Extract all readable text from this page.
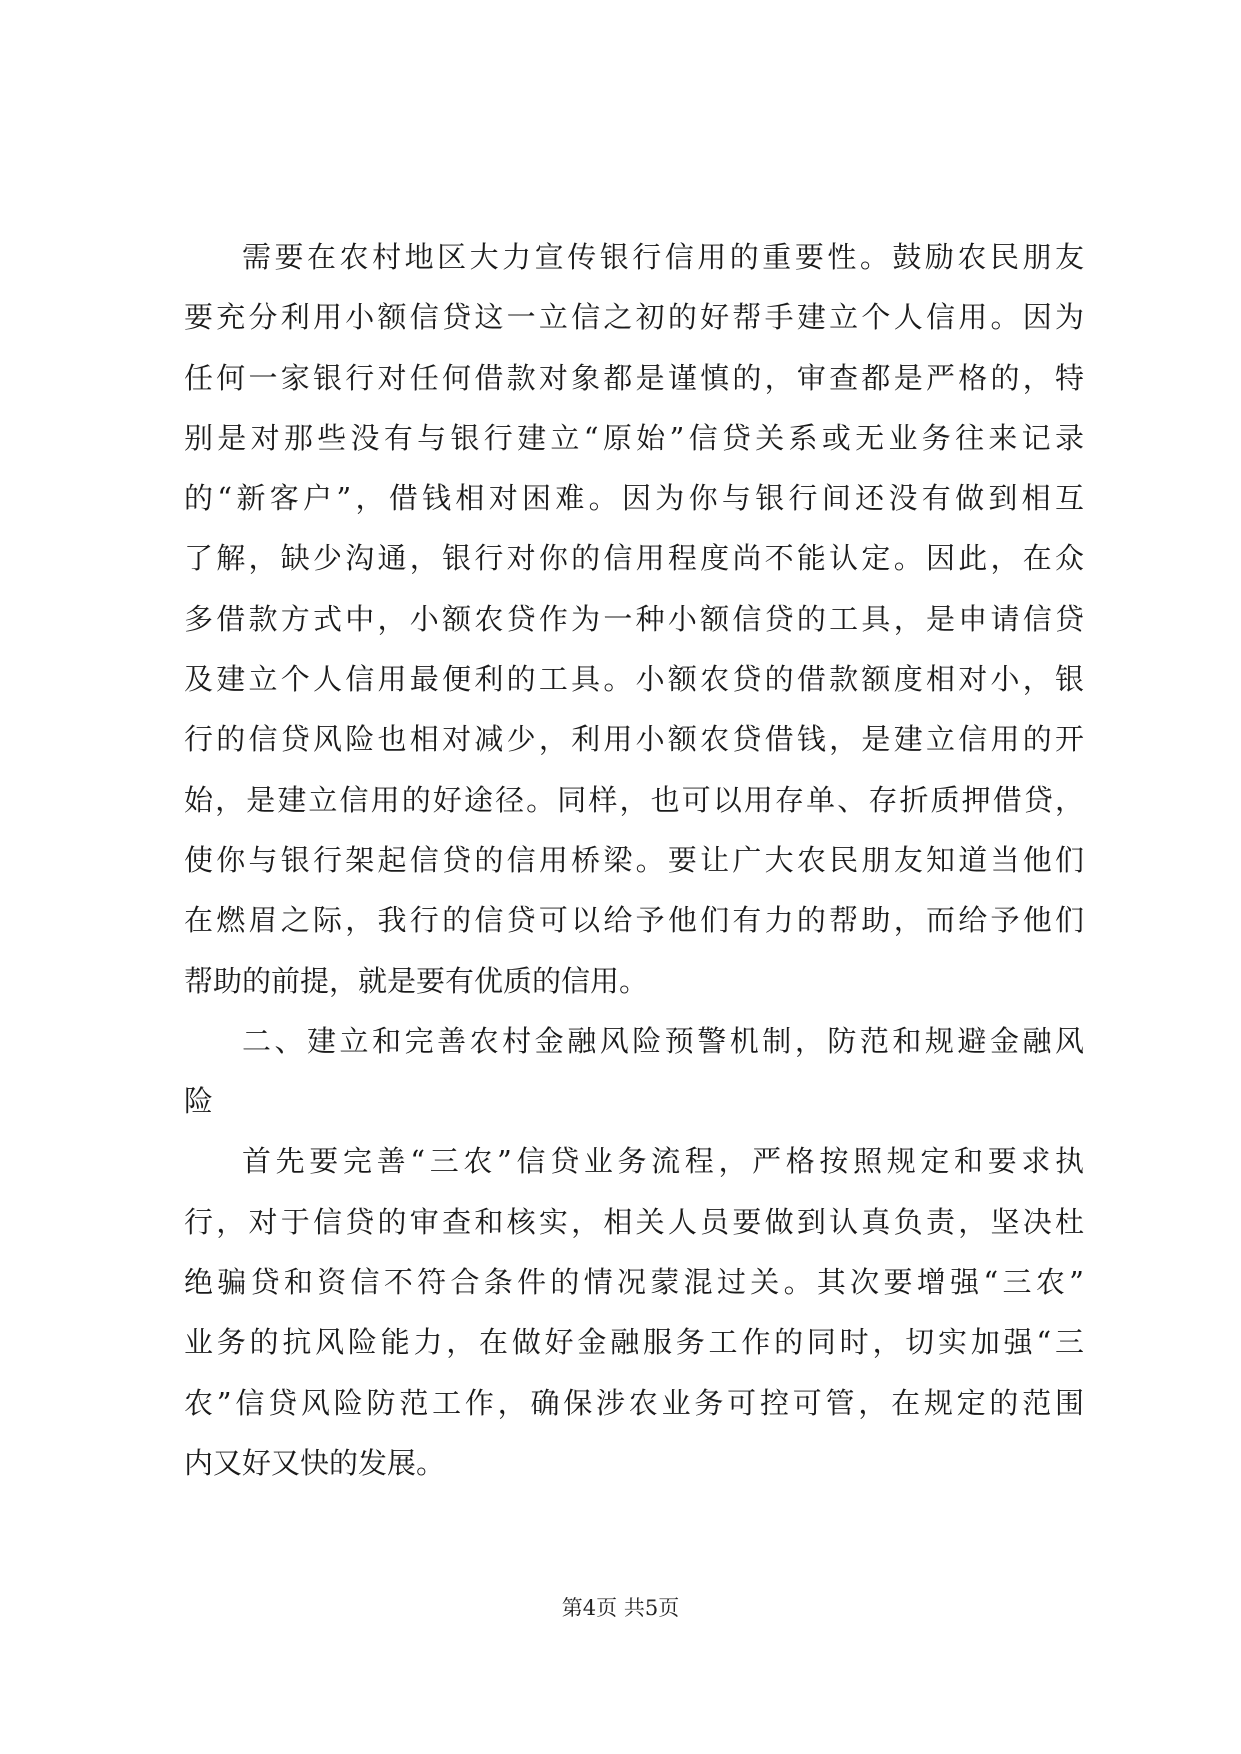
需要在农村地区大力宣传银行信用的重要性。鼓励农民朋友
要充分利用小额信贷这一立信之初的好帮手建立个人信用。因为
任何一家银行对任何借款对象都是谨慎的，审查都是严格的，特
别是对那些没有与银行建立“原始”信贷关系或无业务往来记录
的“新客户”，借钱相对困难。因为你与银行间还没有做到相互
了解，缺少沟通，银行对你的信用程度尚不能认定。因此，在众
多借款方式中，小额农贷作为一种小额信贷的工具，是申请信贷
及建立个人信用最便利的工具。小额农贷的借款额度相对小，银
行的信贷风险也相对减少，利用小额农贷借钱，是建立信用的开
始，是建立信用的好途径。同样，也可以用存单、存折质押借贷，
使你与银行架起信贷的信用桥梁。要让广大农民朋友知道当他们
在燃眉之际，我行的信贷可以给予他们有力的帮助，而给予他们
帮助的前提，就是要有优质的信用。
二、建立和完善农村金融风险预警机制，防范和规避金融风
险
首先要完善“三农”信贷业务流程，严格按照规定和要求执
行，对于信贷的审查和核实，相关人员要做到认真负责，坚决杜
绝骗贷和资信不符合条件的情况蒙混过关。其次要增强“三农”
业务的抗风险能力，在做好金融服务工作的同时，切实加强“三
农”信贷风险防范工作，确保涉农业务可控可管，在规定的范围
内又好又快的发展。
第4页 共5页
